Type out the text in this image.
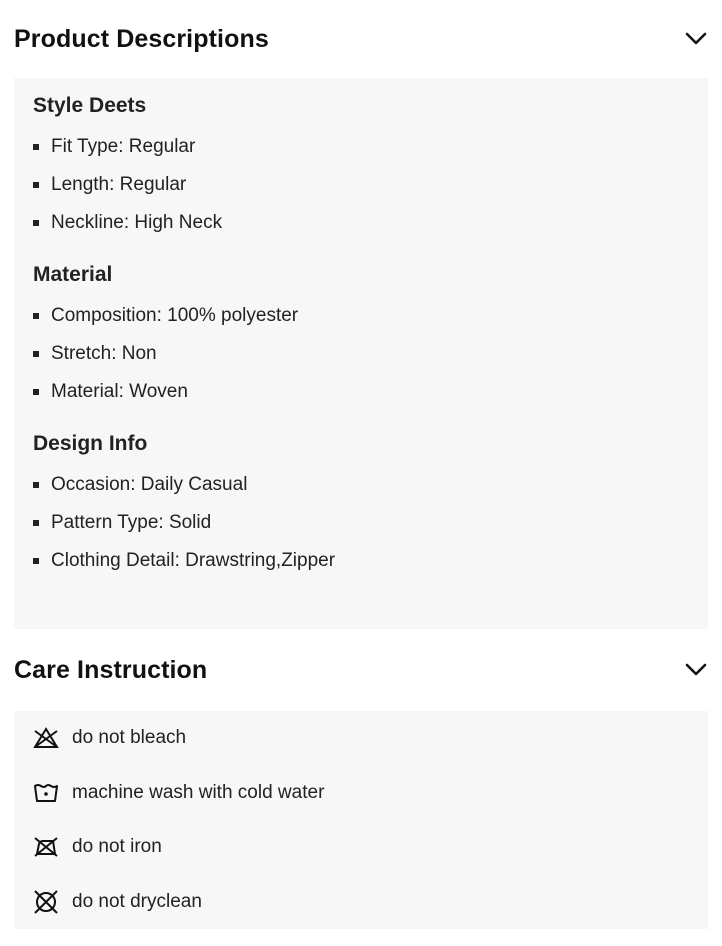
Product Descriptions
Style Deets
Fit Type: Regular
Length: Regular
Neckline: High Neck
Material
Composition: 100% polyester
Stretch: Non
Material: Woven
Design Info
Occasion: Daily Casual
Pattern Type: Solid
Clothing Detail: Drawstring,Zipper
Care Instruction
do not bleach
machine wash with cold water
do not iron
do not dryclean
